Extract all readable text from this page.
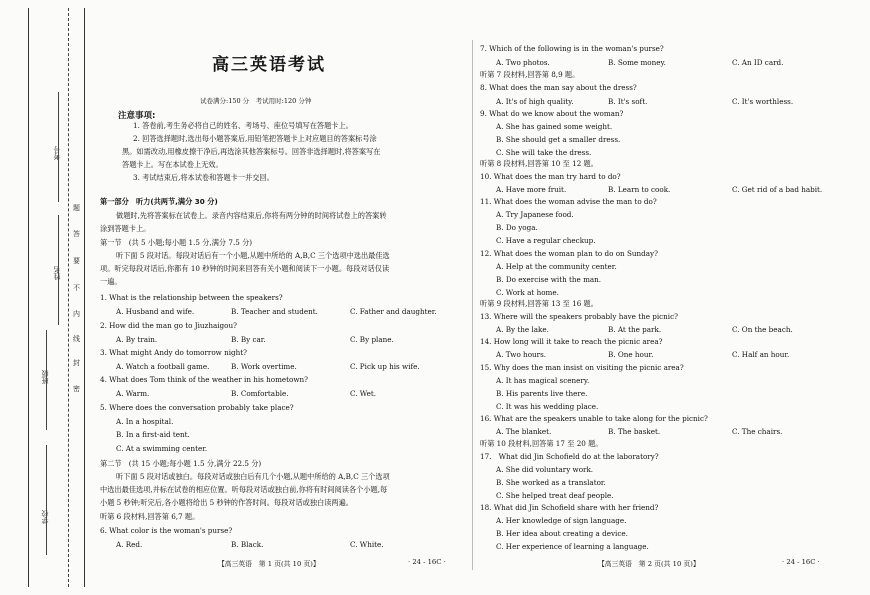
考号
姓名
班级
学校
密
封
线
内
不
要
答
题
高三英语考试
试卷满分:150 分　考试用时:120 分钟
注意事项:
1. 答卷前,考生务必将自己的姓名、考场号、座位号填写在答题卡上。
2. 回答选择题时,选出每小题答案后,用铅笔把答题卡上对应题目的答案标号涂
黑。如需改动,用橡皮擦干净后,再选涂其他答案标号。回答非选择题时,将答案写在
答题卡上。写在本试卷上无效。
3. 考试结束后,将本试卷和答题卡一并交回。
第一部分　听力(共两节,满分 30 分)
做题时,先将答案标在试卷上。录音内容结束后,你将有两分钟的时间将试卷上的答案转
涂到答题卡上。
第一节　(共 5 小题;每小题 1.5 分,满分 7.5 分)
听下面 5 段对话。每段对话后有一个小题,从题中所给的 A,B,C 三个选项中选出最佳选
项。听完每段对话后,你都有 10 秒钟的时间来回答有关小题和阅读下一小题。每段对话仅读
一遍。
1. What is the relationship between the speakers?
A. Husband and wife.	B. Teacher and student.	C. Father and daughter.
2. How did the man go to Jiuzhaigou?
A. By train.	B. By car.	C. By plane.
3. What might Andy do tomorrow night?
A. Watch a football game.	B. Work overtime.	C. Pick up his wife.
4. What does Tom think of the weather in his hometown?
A. Warm.	B. Comfortable.	C. Wet.
5. Where does the conversation probably take place?
A. In a hospital.
B. In a first-aid tent.
C. At a swimming center.
第二节　(共 15 小题;每小题 1.5 分,满分 22.5 分)
听下面 5 段对话或独白。每段对话或独白后有几个小题,从题中所给的 A,B,C 三个选项
中选出最佳选项,并标在试卷的相应位置。听每段对话或独白前,你将有时间阅读各个小题,每
小题 5 秒钟;听完后,各小题将给出 5 秒钟的作答时间。每段对话或独白读两遍。
听第 6 段材料,回答第 6,7 题。
6. What color is the woman's purse?
A. Red.	B. Black.	C. White.
【高三英语　第 1 页(共 10 页)】	· 24 - 16C ·
7. Which of the following is in the woman's purse?
A. Two photos.	B. Some money.	C. An ID card.
听第 7 段材料,回答第 8,9 题。
8. What does the man say about the dress?
A. It's of high quality.	B. It's soft.	C. It's worthless.
9. What do we know about the woman?
A. She has gained some weight.
B. She should get a smaller dress.
C. She will take the dress.
听第 8 段材料,回答第 10 至 12 题。
10. What does the man try hard to do?
A. Have more fruit.	B. Learn to cook.	C. Get rid of a bad habit.
11. What does the woman advise the man to do?
A. Try Japanese food.
B. Do yoga.
C. Have a regular checkup.
12. What does the woman plan to do on Sunday?
A. Help at the community center.
B. Do exercise with the man.
C. Work at home.
听第 9 段材料,回答第 13 至 16 题。
13. Where will the speakers probably have the picnic?
A. By the lake.	B. At the park.	C. On the beach.
14. How long will it take to reach the picnic area?
A. Two hours.	B. One hour.	C. Half an hour.
15. Why does the man insist on visiting the picnic area?
A. It has magical scenery.
B. His parents live there.
C. It was his wedding place.
16. What are the speakers unable to take along for the picnic?
A. The blanket.	B. The basket.	C. The chairs.
听第 10 段材料,回答第 17 至 20 题。
17.　What did Jin Schofield do at the laboratory?
A. She did voluntary work.
B. She worked as a translator.
C. She helped treat deaf people.
18. What did Jin Schofield share with her friend?
A. Her knowledge of sign language.
B. Her idea about creating a device.
C. Her experience of learning a language.
【高三英语　第 2 页(共 10 页)】	· 24 - 16C ·
